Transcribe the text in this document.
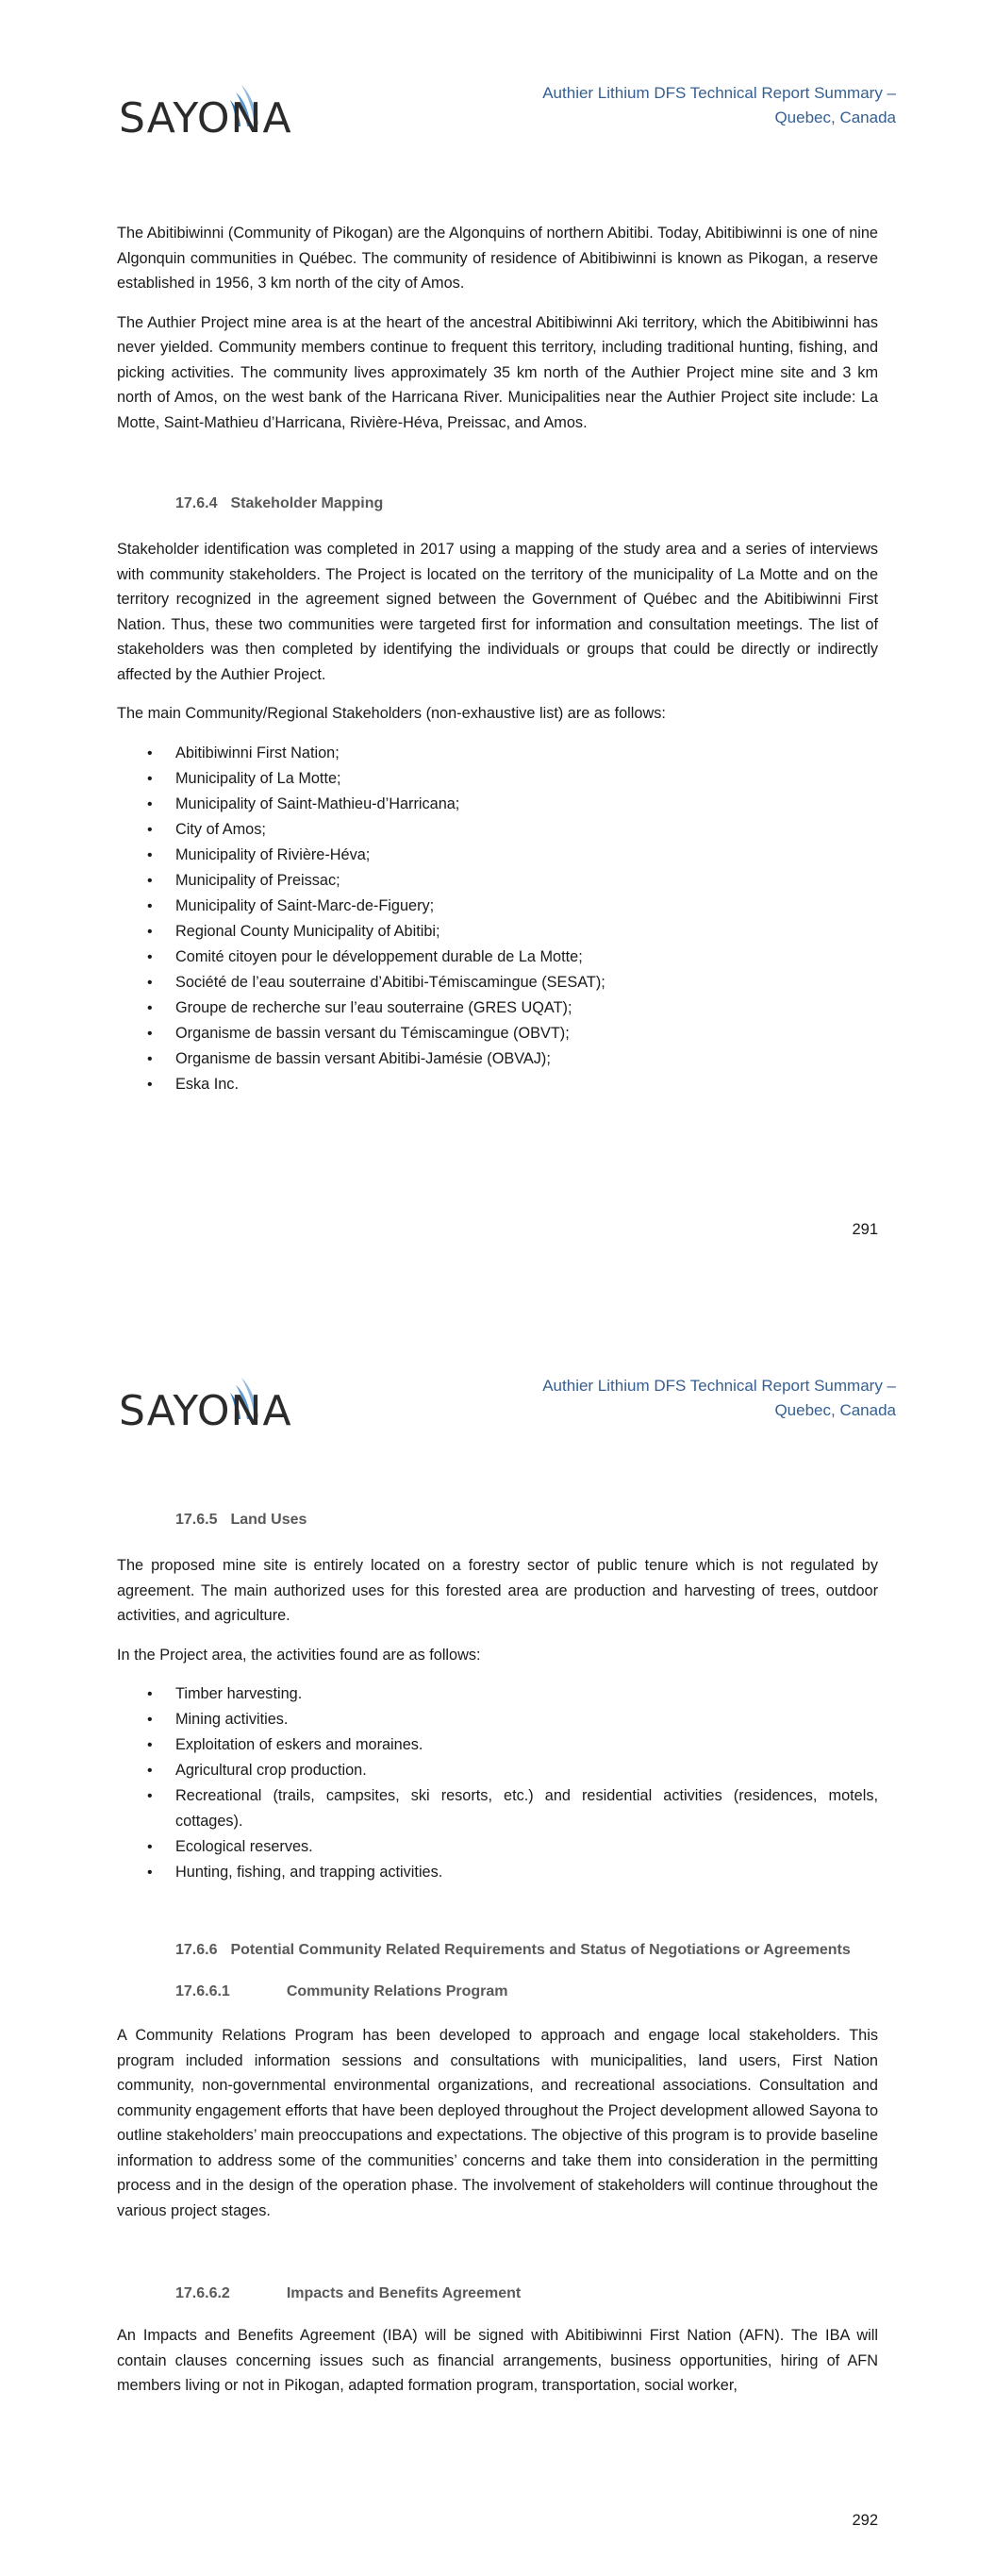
SAYONA
Authier Lithium DFS Technical Report Summary –
Quebec, Canada

The Abitibiwinni (Community of Pikogan) are the Algonquins of northern Abitibi. Today, Abitibiwinni is one of nine Algonquin communities in Québec. The community of residence of Abitibiwinni is known as Pikogan, a reserve established in 1956, 3 km north of the city of Amos.

The Authier Project mine area is at the heart of the ancestral Abitibiwinni Aki territory, which the Abitibiwinni has never yielded. Community members continue to frequent this territory, including traditional hunting, fishing, and picking activities. The community lives approximately 35 km north of the Authier Project mine site and 3 km north of Amos, on the west bank of the Harricana River. Municipalities near the Authier Project site include: La Motte, Saint-Mathieu d’Harricana, Rivière-Héva, Preissac, and Amos.

17.6.4 Stakeholder Mapping

Stakeholder identification was completed in 2017 using a mapping of the study area and a series of interviews with community stakeholders. The Project is located on the territory of the municipality of La Motte and on the territory recognized in the agreement signed between the Government of Québec and the Abitibiwinni First Nation. Thus, these two communities were targeted first for information and consultation meetings. The list of stakeholders was then completed by identifying the individuals or groups that could be directly or indirectly affected by the Authier Project.

The main Community/Regional Stakeholders (non-exhaustive list) are as follows:

• Abitibiwinni First Nation;
• Municipality of La Motte;
• Municipality of Saint-Mathieu-d’Harricana;
• City of Amos;
• Municipality of Rivière-Héva;
• Municipality of Preissac;
• Municipality of Saint-Marc-de-Figuery;
• Regional County Municipality of Abitibi;
• Comité citoyen pour le développement durable de La Motte;
• Société de l’eau souterraine d’Abitibi-Témiscamingue (SESAT);
• Groupe de recherche sur l’eau souterraine (GRES UQAT);
• Organisme de bassin versant du Témiscamingue (OBVT);
• Organisme de bassin versant Abitibi-Jamésie (OBVAJ);
• Eska Inc.
291
SAYONA
Authier Lithium DFS Technical Report Summary –
Quebec, Canada
17.6.5 Land Uses

The proposed mine site is entirely located on a forestry sector of public tenure which is not regulated by agreement. The main authorized uses for this forested area are production and harvesting of trees, outdoor activities, and agriculture.

In the Project area, the activities found are as follows:

• Timber harvesting.
• Mining activities.
• Exploitation of eskers and moraines.
• Agricultural crop production.
• Recreational (trails, campsites, ski resorts, etc.) and residential activities (residences, motels, cottages).
• Ecological reserves.
• Hunting, fishing, and trapping activities.
17.6.6 Potential Community Related Requirements and Status of Negotiations or Agreements
17.6.6.1	Community Relations Program

A Community Relations Program has been developed to approach and engage local stakeholders. This program included information sessions and consultations with municipalities, land users, First Nation community, non-governmental environmental organizations, and recreational associations. Consultation and community engagement efforts that have been deployed throughout the Project development allowed Sayona to outline stakeholders’ main preoccupations and expectations. The objective of this program is to provide baseline information to address some of the communities’ concerns and take them into consideration in the permitting process and in the design of the operation phase. The involvement of stakeholders will continue throughout the various project stages.

17.6.6.2	Impacts and Benefits Agreement

An Impacts and Benefits Agreement (IBA) will be signed with Abitibiwinni First Nation (AFN). The IBA will contain clauses concerning issues such as financial arrangements, business opportunities, hiring of AFN members living or not in Pikogan, adapted formation program, transportation, social worker,

292
